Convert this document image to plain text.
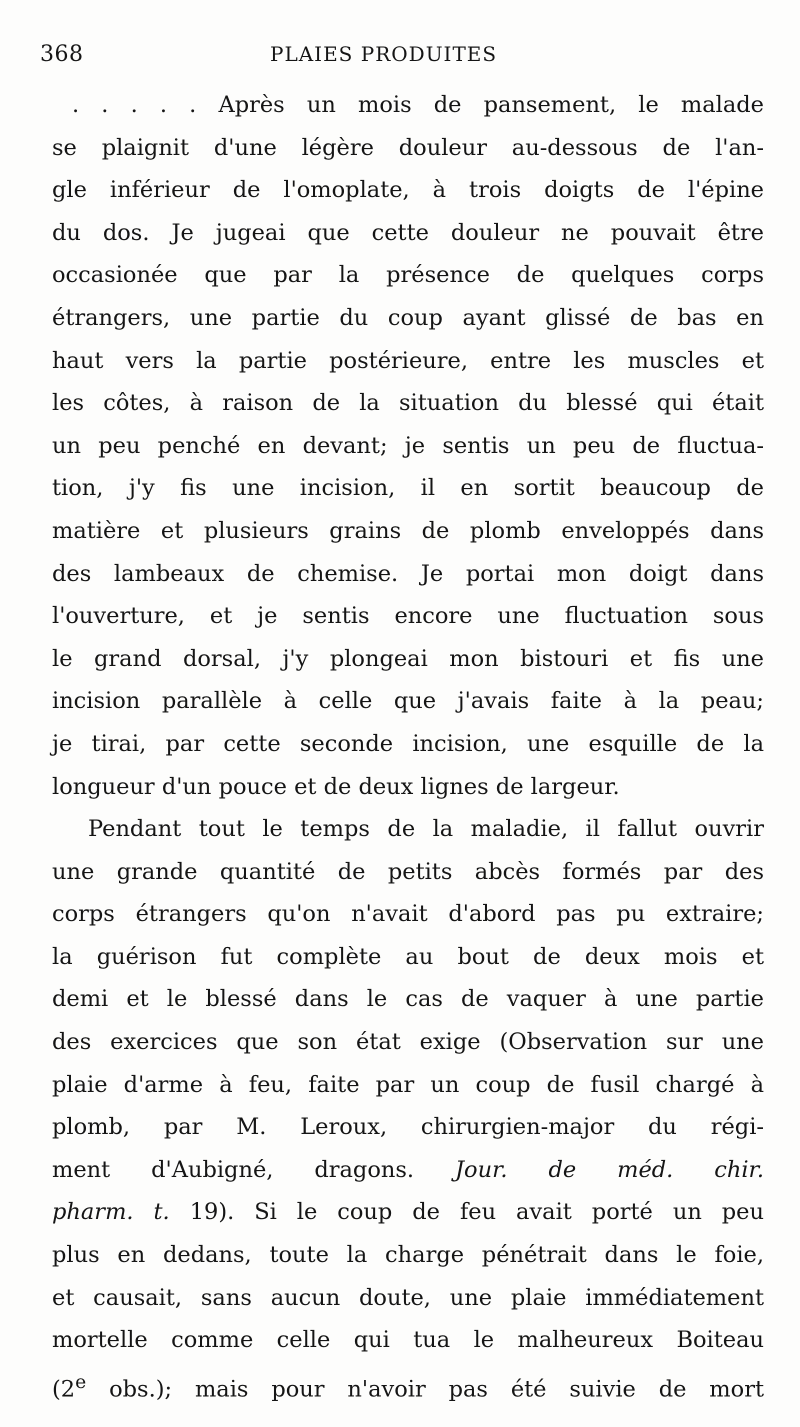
368	PLAIES PRODUITES
. . . . . Après un mois de pansement, le malade
se plaignit d'une légère douleur au-dessous de l'an-
gle inférieur de l'omoplate, à trois doigts de l'épine
du dos. Je jugeai que cette douleur ne pouvait être
occasionée que par la présence de quelques corps
étrangers, une partie du coup ayant glissé de bas en
haut vers la partie postérieure, entre les muscles et
les côtes, à raison de la situation du blessé qui était
un peu penché en devant; je sentis un peu de fluctua-
tion, j'y fis une incision, il en sortit beaucoup de
matière et plusieurs grains de plomb enveloppés dans
des lambeaux de chemise. Je portai mon doigt dans
l'ouverture, et je sentis encore une fluctuation sous
le grand dorsal, j'y plongeai mon bistouri et fis une
incision parallèle à celle que j'avais faite à la peau;
je tirai, par cette seconde incision, une esquille de la
longueur d'un pouce et de deux lignes de largeur.
Pendant tout le temps de la maladie, il fallut ouvrir
une grande quantité de petits abcès formés par des
corps étrangers qu'on n'avait d'abord pas pu extraire;
la guérison fut complète au bout de deux mois et
demi et le blessé dans le cas de vaquer à une partie
des exercices que son état exige (Observation sur une
plaie d'arme à feu, faite par un coup de fusil chargé à
plomb, par M. Leroux, chirurgien-major du régi-
ment d'Aubigné, dragons. Jour. de méd. chir.
pharm. t. 19). Si le coup de feu avait porté un peu
plus en dedans, toute la charge pénétrait dans le foie,
et causait, sans aucun doute, une plaie immédiatement
mortelle comme celle qui tua le malheureux Boiteau
(2e obs.); mais pour n'avoir pas été suivie de mort
